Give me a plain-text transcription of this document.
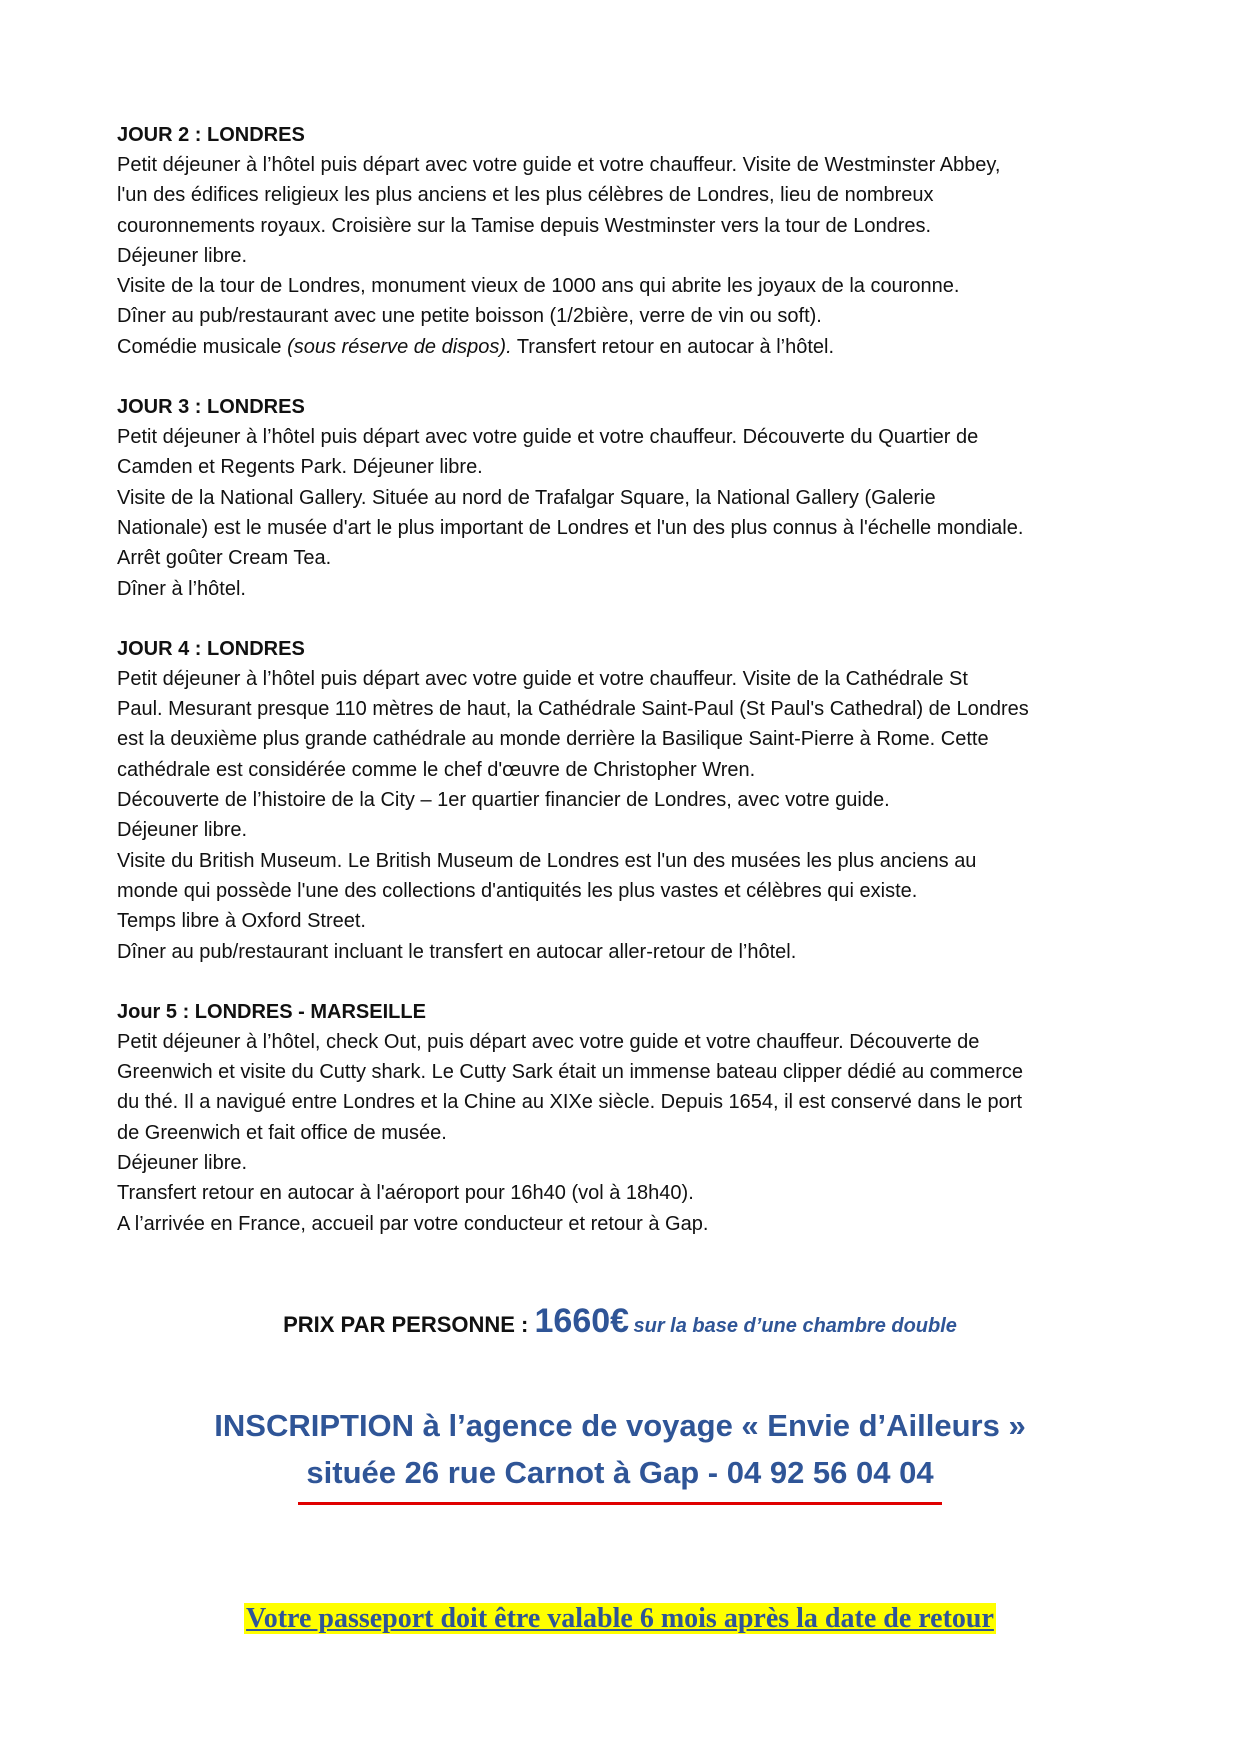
JOUR 2 : LONDRES

Petit déjeuner à l’hôtel puis départ avec votre guide et votre chauffeur. Visite de Westminster Abbey,

l'un des édifices religieux les plus anciens et les plus célèbres de Londres, lieu de nombreux

couronnements royaux. Croisière sur la Tamise depuis Westminster vers la tour de Londres.

Déjeuner libre.

Visite de la tour de Londres, monument vieux de 1000 ans qui abrite les joyaux de la couronne.

Dîner au pub/restaurant avec une petite boisson (1/2bière, verre de vin ou soft).

Comédie musicale (sous réserve de dispos). Transfert retour en autocar à l’hôtel.

JOUR 3 : LONDRES

Petit déjeuner à l’hôtel puis départ avec votre guide et votre chauffeur. Découverte du Quartier de

Camden et Regents Park. Déjeuner libre.

Visite de la National Gallery. Située au nord de Trafalgar Square, la National Gallery (Galerie

Nationale) est le musée d'art le plus important de Londres et l'un des plus connus à l'échelle mondiale.

Arrêt goûter Cream Tea.

Dîner à l’hôtel.

JOUR 4 : LONDRES

Petit déjeuner à l’hôtel puis départ avec votre guide et votre chauffeur. Visite de la Cathédrale St

Paul. Mesurant presque 110 mètres de haut, la Cathédrale Saint-Paul (St Paul's Cathedral) de Londres

est la deuxième plus grande cathédrale au monde derrière la Basilique Saint-Pierre à Rome. Cette

cathédrale est considérée comme le chef d'œuvre de Christopher Wren.

Découverte de l’histoire de la City – 1er quartier financier de Londres, avec votre guide.

Déjeuner libre.

Visite du British Museum. Le British Museum de Londres est l'un des musées les plus anciens au

monde qui possède l'une des collections d'antiquités les plus vastes et célèbres qui existe.

Temps libre à Oxford Street.

Dîner au pub/restaurant incluant le transfert en autocar aller-retour de l’hôtel.

Jour 5 : LONDRES - MARSEILLE

Petit déjeuner à l’hôtel, check Out, puis départ avec votre guide et votre chauffeur. Découverte de

Greenwich et visite du Cutty shark. Le Cutty Sark était un immense bateau clipper dédié au commerce

du thé. Il a navigué entre Londres et la Chine au XIXe siècle. Depuis 1654, il est conservé dans le port

de Greenwich et fait office de musée.

Déjeuner libre.

Transfert retour en autocar à l'aéroport pour 16h40 (vol à 18h40).

A l’arrivée en France, accueil par votre conducteur et retour à Gap.

PRIX PAR PERSONNE : 1660€ sur la base d’une chambre double
INSCRIPTION à l’agence de voyage « Envie d’Ailleurs »
située 26 rue Carnot à Gap - 04 92 56 04 04
Votre passeport doit être valable 6 mois après la date de retour
